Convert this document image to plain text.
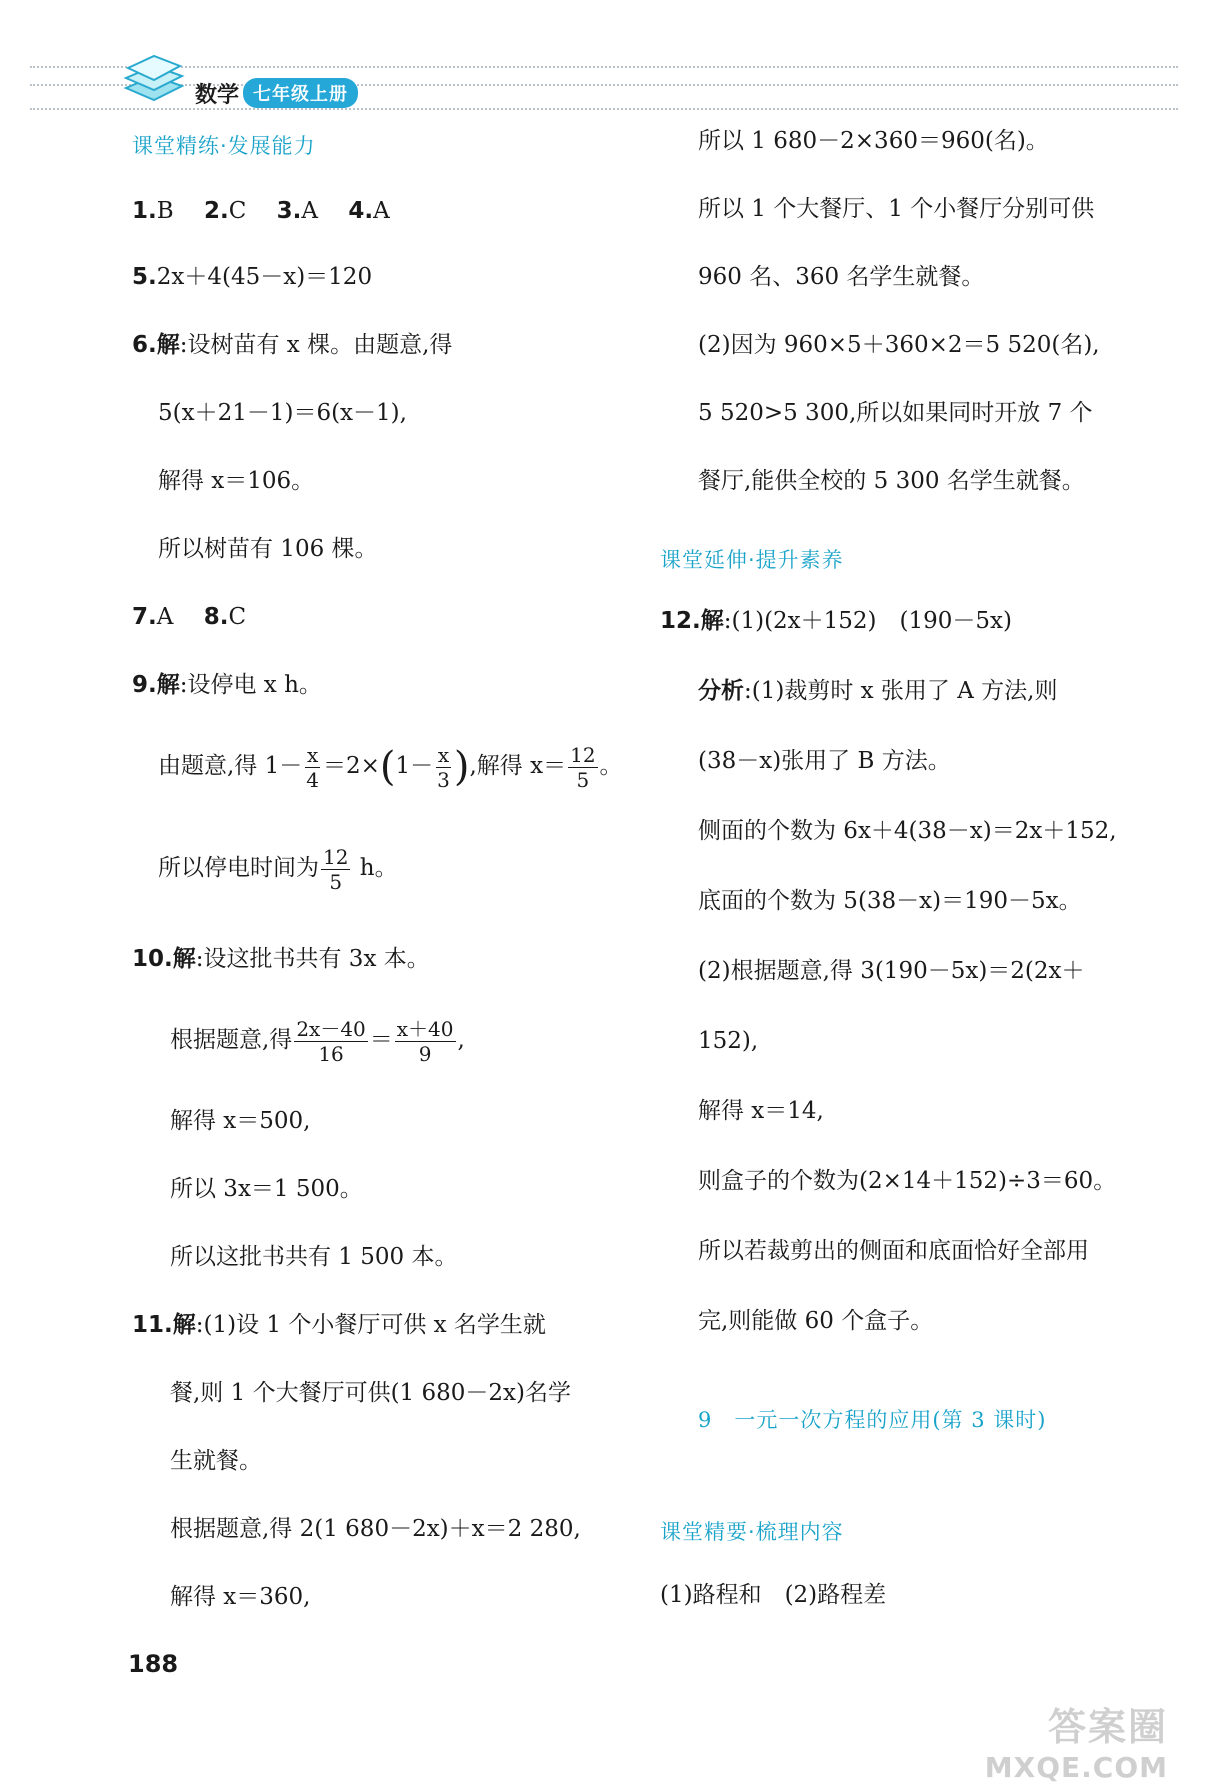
数学 七年级上册
课堂精练·发展能力
1.B   2.C   3.A   4.A
5.2x＋4(45－x)＝120
6.解:设树苗有 x 棵。由题意,得
5(x＋21－1)＝6(x－1),
解得 x＝106。
所以树苗有 106 棵。
7.A   8.C
9.解:设停电 x h。
由题意,得 $1- \frac{x}{4} =2\times(1- \frac{x}{3}$ ),解得 $x= \frac{12}{5}$ 。
所以停电时间为 $\frac{12}{5}$ h。
10.解:设这批书共有 3x 本。
根据题意,得 $\frac{2x-40}{16} = \frac{x+40}{9}$ ,
解得 x＝500,
所以 3x＝1 500。
所以这批书共有 1 500 本。
11.解:(1)设 1 个小餐厅可供 x 名学生就
餐,则 1 个大餐厅可供(1 680－2x)名学
生就餐。
根据题意,得 2(1 680－2x)＋x＝2 280,
解得 x＝360,
188
所以 1 680－2×360＝960(名)。
所以 1 个大餐厅、1 个小餐厅分别可供
960 名、360 名学生就餐。
(2)因为 960×5＋360×2＝5 520(名),
5 520>5 300,所以如果同时开放 7 个
餐厅,能供全校的 5 300 名学生就餐。
课堂延伸·提升素养
12.解:(1)(2x＋152)　(190－5x)
分析:(1)裁剪时 x 张用了 A 方法,则
(38－x)张用了 B 方法。
侧面的个数为 6x＋4(38－x)＝2x＋152,
底面的个数为 5(38－x)＝190－5x。
(2)根据题意,得 3(190－5x)＝2(2x＋
152),
解得 x＝14,
则盒子的个数为(2×14＋152)÷3＝60。
所以若裁剪出的侧面和底面恰好全部用
完,则能做 60 个盒子。
9　一元一次方程的应用(第 3 课时)
课堂精要·梳理内容
(1)路程和　(2)路程差
答案圈
MXQE.COM
